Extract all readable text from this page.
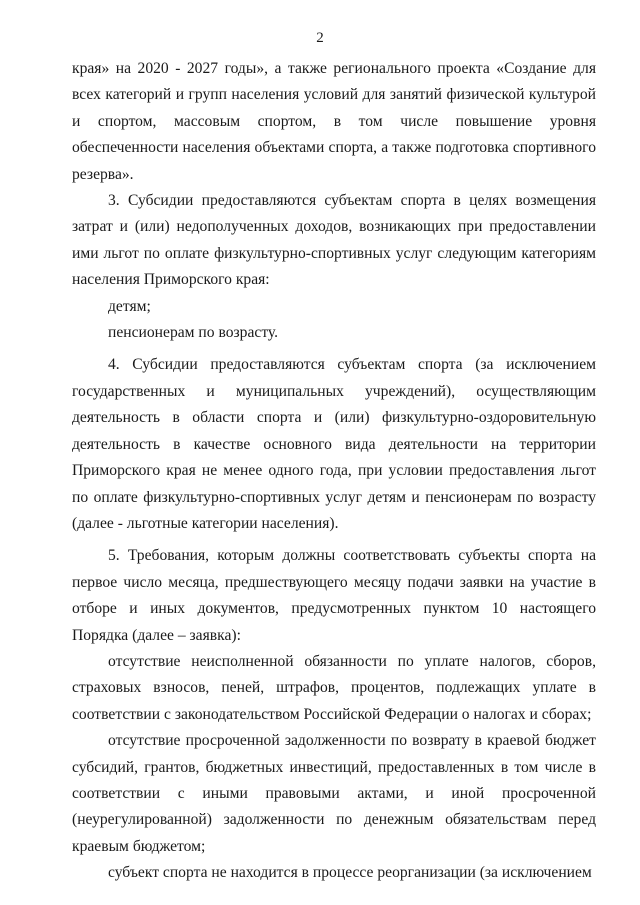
2
края» на 2020 - 2027 годы», а также регионального проекта «Создание для всех категорий и групп населения условий для занятий физической культурой и спортом, массовым спортом, в том числе повышение уровня обеспеченности населения объектами спорта, а также подготовка спортивного резерва».
3. Субсидии предоставляются субъектам спорта в целях возмещения затрат и (или) недополученных доходов, возникающих при предоставлении ими льгот по оплате физкультурно-спортивных услуг следующим категориям населения Приморского края:
детям;
пенсионерам по возрасту.
4. Субсидии предоставляются субъектам спорта (за исключением государственных и муниципальных учреждений), осуществляющим деятельность в области спорта и (или) физкультурно-оздоровительную деятельность в качестве основного вида деятельности на территории Приморского края не менее одного года, при условии предоставления льгот по оплате физкультурно-спортивных услуг детям и пенсионерам по возрасту (далее - льготные категории населения).
5. Требования, которым должны соответствовать субъекты спорта на первое число месяца, предшествующего месяцу подачи заявки на участие в отборе и иных документов, предусмотренных пунктом 10 настоящего Порядка (далее – заявка):
отсутствие неисполненной обязанности по уплате налогов, сборов, страховых взносов, пеней, штрафов, процентов, подлежащих уплате в соответствии с законодательством Российской Федерации о налогах и сборах;
отсутствие просроченной задолженности по возврату в краевой бюджет субсидий, грантов, бюджетных инвестиций, предоставленных в том числе в соответствии с иными правовыми актами, и иной просроченной (неурегулированной) задолженности по денежным обязательствам перед краевым бюджетом;
субъект спорта не находится в процессе реорганизации (за исключением
